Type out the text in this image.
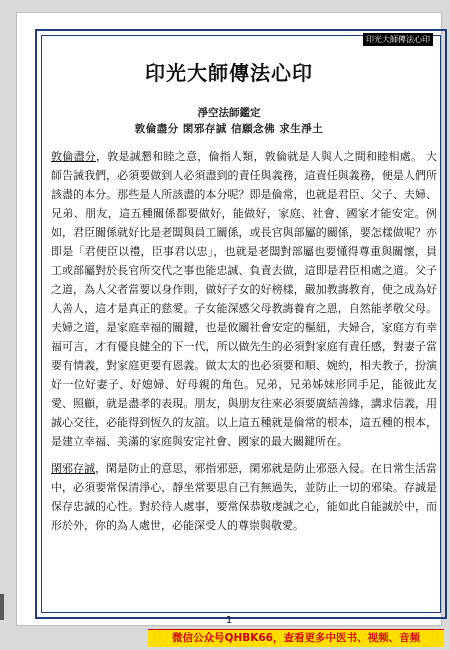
印光大師傳法心印
印光大師傳法心印
淨空法師鑑定
敦倫盡分 閑邪存誠 信願念佛 求生淨土

敦倫盡分，敦是誠懇和睦之意，倫指人類，敦倫就是人與人之間和睦相處。 大師告誡我們，必須要做到人必須盡到的責任與義務，這責任與義務，便是人們所該盡的本分。那些是人所該盡的本分呢？即是倫常，也就是君臣、父子、夫婦、兄弟、朋友，這五種關係都要做好，能做好，家庭、社會、國家才能安定。例如，君臣關係就好比是老闆與員工關係，或長官與部屬的關係，要怎樣做呢？亦即是「君使臣以禮，臣事君以忠」，也就是老闆對部屬也要懂得尊重與關懷，員工或部屬對於長官所交代之事也能忠誠、負責去做，這即是君臣相處之道。父子之道，為人父者當要以身作則，做好子女的好榜樣，嚴加教誨教育，使之成為好人善人，這才是真正的慈愛。子女能深感父母教誨養育之恩，自然能孝敬父母。夫婦之道，是家庭幸福的關鍵，也是攸關社會安定的樞紐，夫婦合，家庭方有幸福可言，才有優良健全的下一代，所以做先生的必須對家庭有責任感，對妻子當要有情義，對家庭更要有恩義。做太太的也必須要和順、婉約，相夫教子，扮演好一位好妻子、好媳婦、好母親的角色。兄弟，兄弟姊妹形同手足，能彼此友愛、照顧，就是盡孝的表現。朋友，與朋友往來必須要廣結善緣，講求信義，用誠心交往，必能得到恆久的友誼。以上這五種就是倫常的根本，這五種的根本，是建立幸福、美滿的家庭與安定社會、國家的最大關鍵所在。

閑邪存誠，閑是防止的意思，邪指邪惡，閑邪就是防止邪惡入侵。在日常生活當中，必須要常保清淨心，靜坐常要思自己有無過失，並防止一切的邪染。存誠是保存忠誠的心性。對於待人處事，要常保恭敬虔誠之心，能如此自能誠於中，而形於外，你的為人處世，必能深受人的尊崇與敬愛。

1
微信公众号QHBK66，查看更多中医书、视频、音频
